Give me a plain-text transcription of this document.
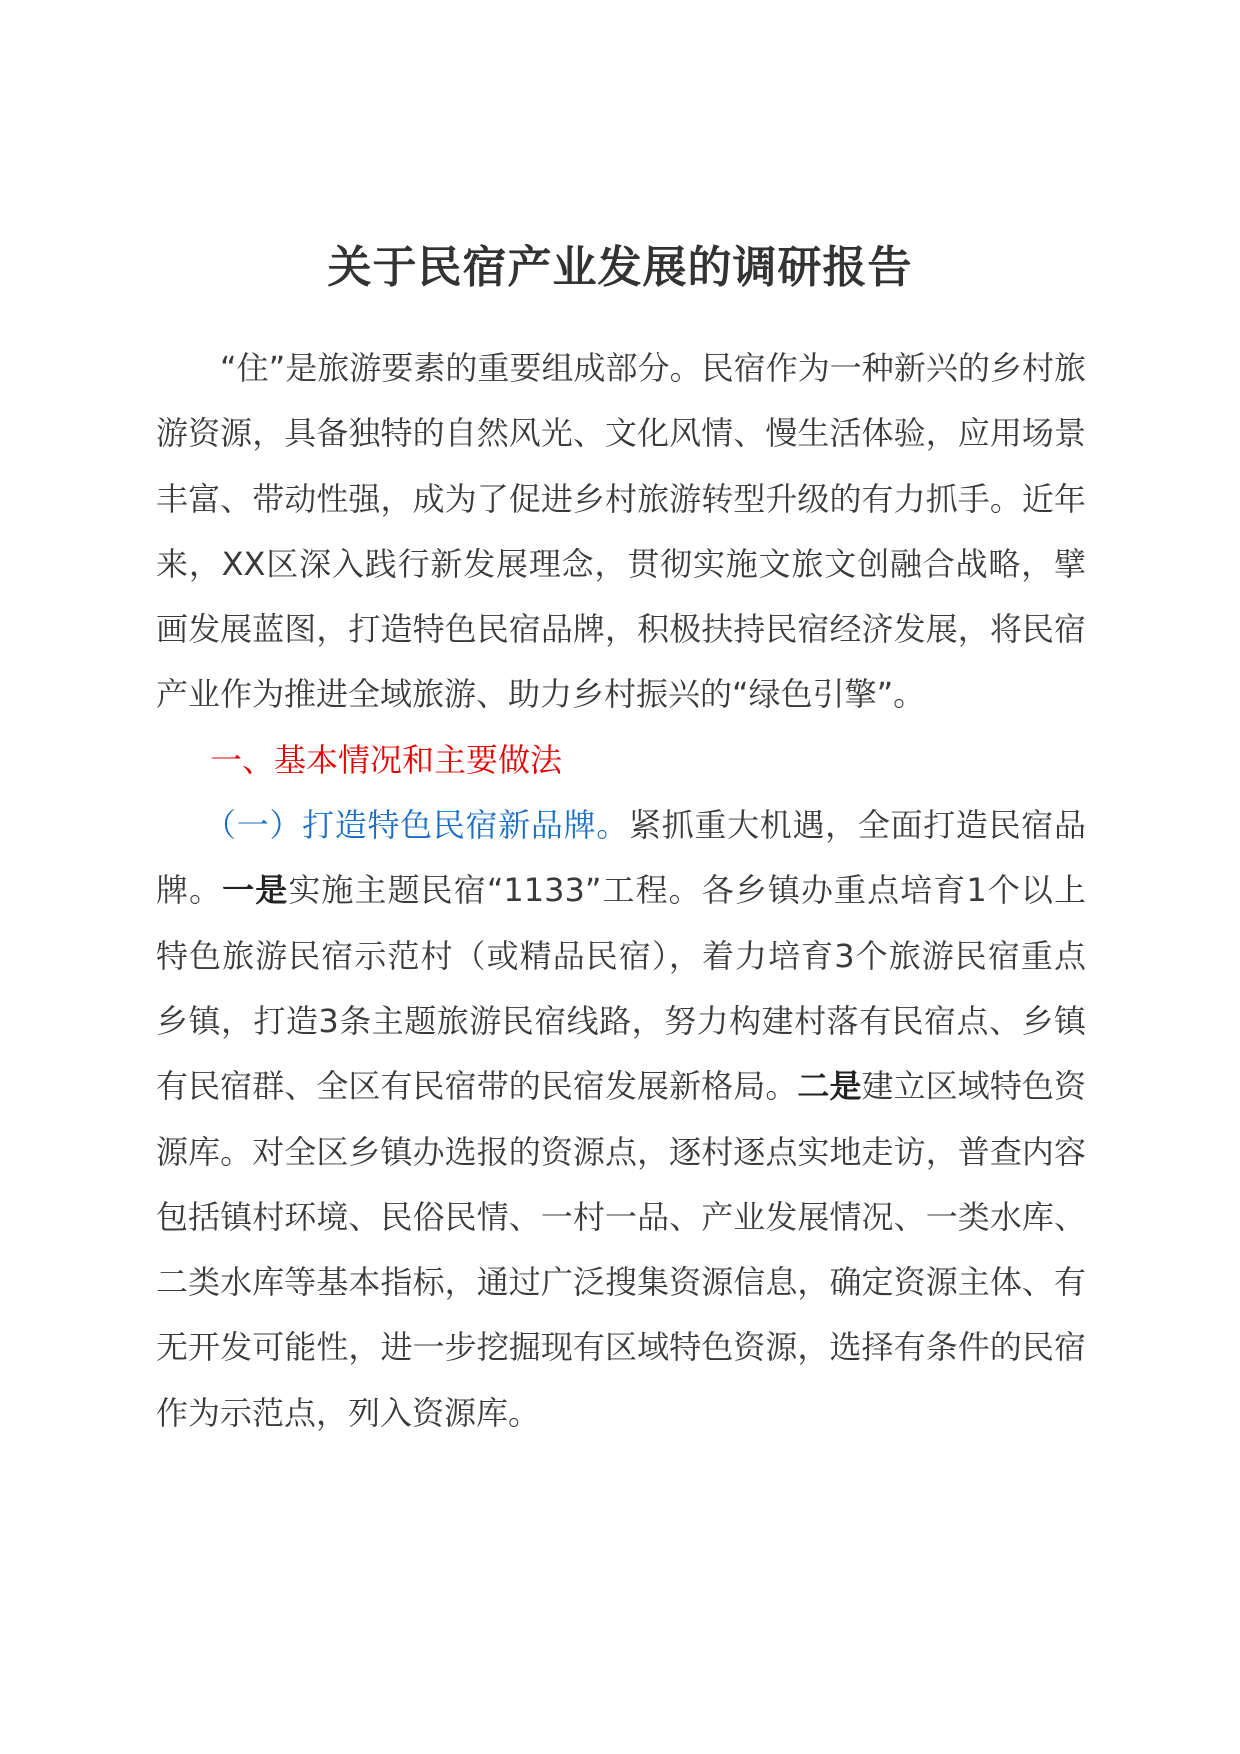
关于民宿产业发展的调研报告

“住”是旅游要素的重要组成部分。民宿作为一种新兴的乡村旅游资源，具备独特的自然风光、文化风情、慢生活体验，应用场景丰富、带动性强，成为了促进乡村旅游转型升级的有力抓手。近年来，XX区深入践行新发展理念，贯彻实施文旅文创融合战略，擘画发展蓝图，打造特色民宿品牌，积极扶持民宿经济发展，将民宿产业作为推进全域旅游、助力乡村振兴的“绿色引擎”。

一、基本情况和主要做法

（一）打造特色民宿新品牌。紧抓重大机遇，全面打造民宿品牌。一是实施主题民宿“1133”工程。各乡镇办重点培育1个以上特色旅游民宿示范村（或精品民宿），着力培育3个旅游民宿重点乡镇，打造3条主题旅游民宿线路，努力构建村落有民宿点、乡镇有民宿群、全区有民宿带的民宿发展新格局。二是建立区域特色资源库。对全区乡镇办选报的资源点，逐村逐点实地走访，普查内容包括镇村环境、民俗民情、一村一品、产业发展情况、一类水库、二类水库等基本指标，通过广泛搜集资源信息，确定资源主体、有无开发可能性，进一步挖掘现有区域特色资源，选择有条件的民宿作为示范点，列入资源库。
